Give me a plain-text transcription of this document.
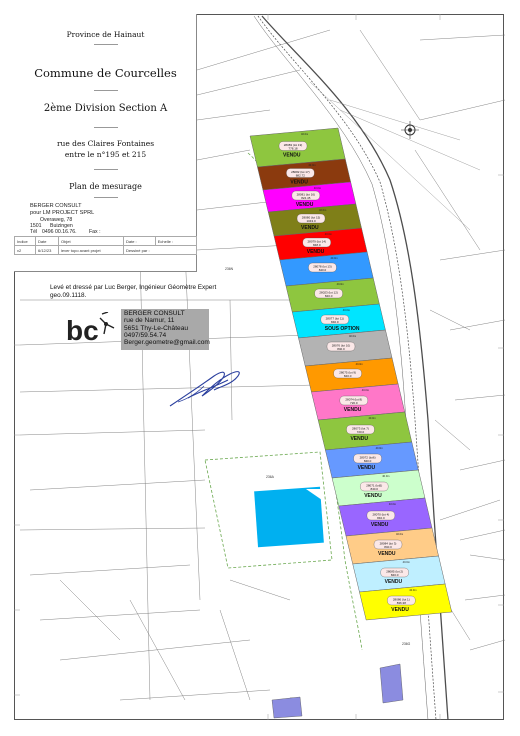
236A
236N
236G
28083 (lot 19)
778.18
VENDU
40.0m
28082 (lot 17)
882.72
VENDU
40.0m
28081 (lot 16)
824.45
VENDU
40.0m
28080 (lot 15)
1043.0
VENDU
40.0m
28079 (lot 14)
848.0
VENDU
40.0m
28078 (lot 13)
840.0
40.0m
28023 (lot 12)
840.0
40.0m
28077 (lot 11)
840.0
SOUS OPTION
40.0m
28076 (lot 10)
840.0
40.0m
28075 (lot 9)
840.0
40.0m
28074 (lot 8)
720.0
VENDU
40.0m
28073 (lot 7)
720.0
VENDU
40.0m
28072 (lot6)
840.0
VENDU
40.0m
28071 (lot5)
840.0
VENDU
40.0m
28070 (lot 4)
840.0
VENDU
40.0m
28084 (lot 3)
840.0
VENDU
40.0m
28085 (lot 2)
840.0
VENDU
40.0m
28086 (lot 1)
836.38
VENDU
40.0m
Province de Hainaut
Commune de Courcelles
2ème Division Section A
rue des Claires Fontaines
entre le n°195 et 215
Plan de mesurage
BERGER CONSULT
pour LM PROJECT SPRL
Overaweg, 78
1501 Buizingen
Tél 0496 00.16.76. Fax :
Indice	Date	Objet	Date :	Echelle :
v2	6/12/23	lever topo avant projet	Dessiné par :	
Levé et dressé par Luc Berger, Ingénieur Géomètre Expert
geo.09.1118.
bc
BERGER CONSULT
rue de Namur, 11
5651 Thy-Le-Château
0497/59.54.74
Berger.geometre@gmail.com
